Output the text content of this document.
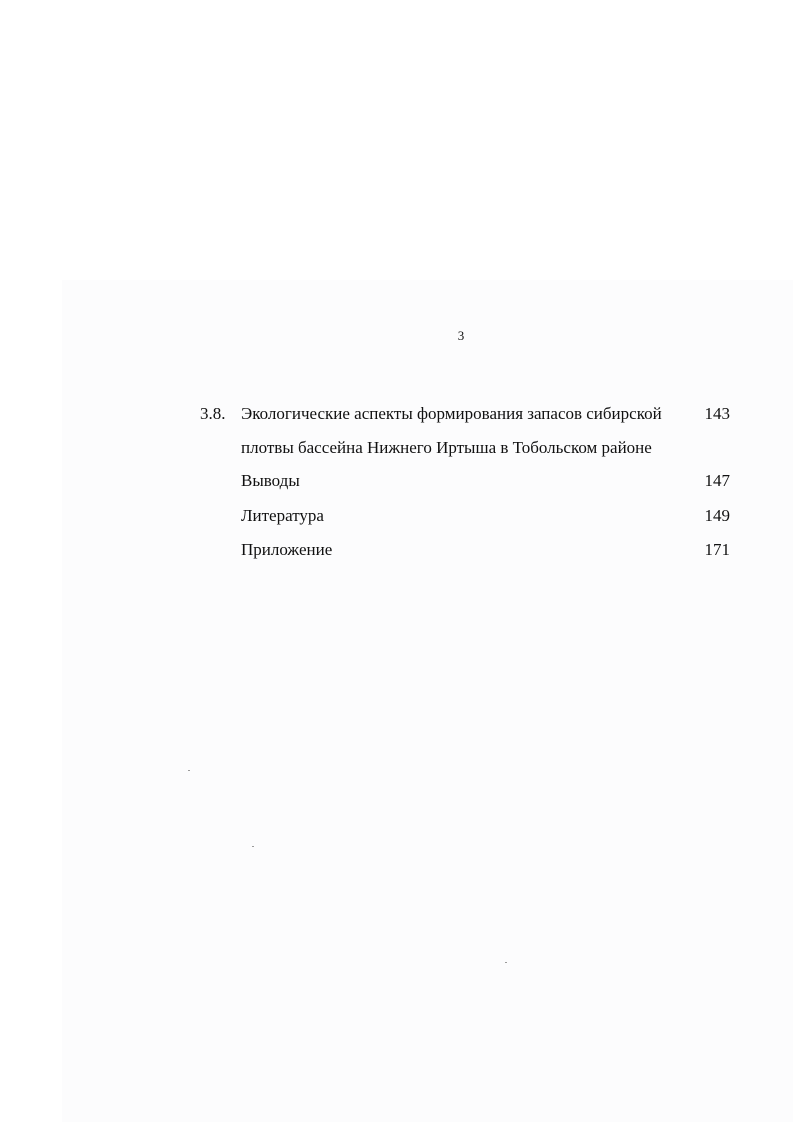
3
3.8. Экологические аспекты формирования запасов сибирской	143
плотвы бассейна Нижнего Иртыша в Тобольском районе
Выводы	147
Литература	149
Приложение	171
